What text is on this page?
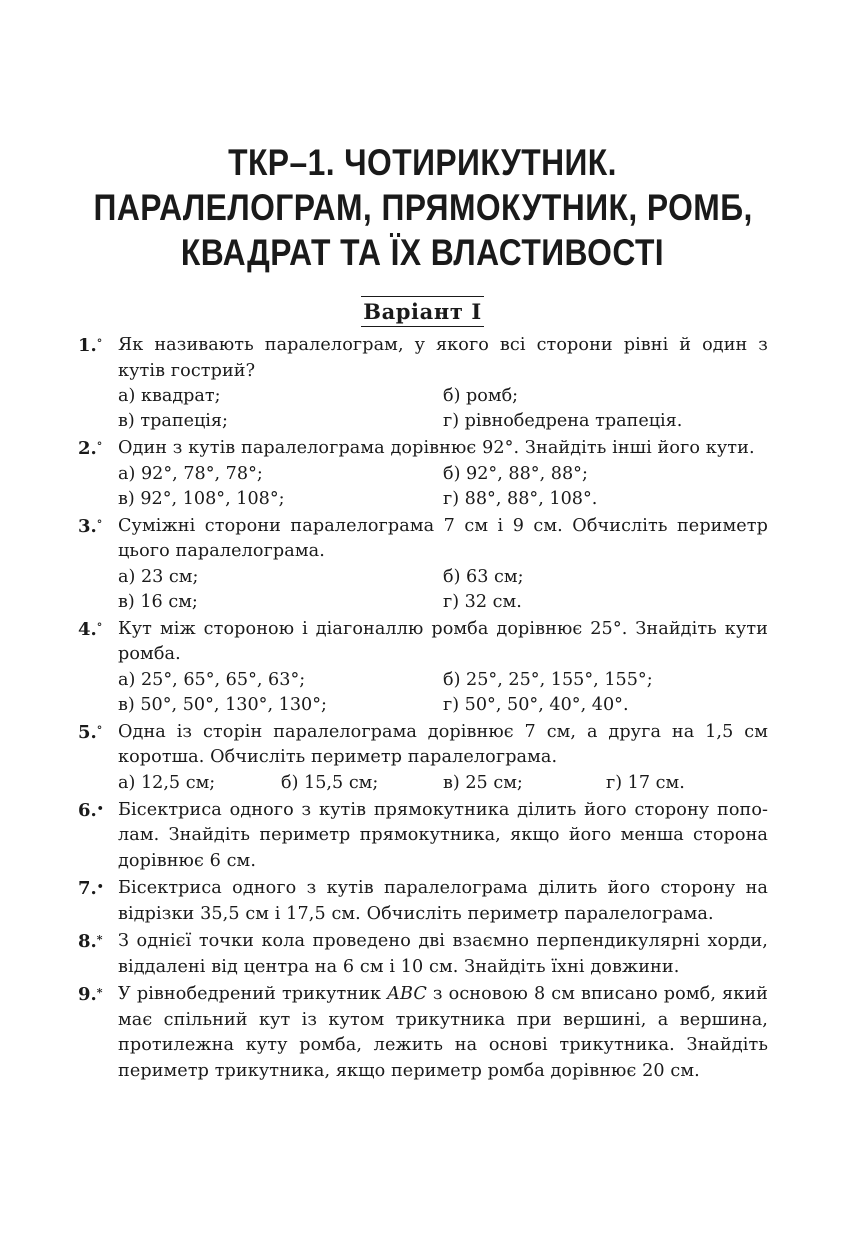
ТКР–1. ЧОТИРИКУТНИК.
ПАРАЛЕЛОГРАМ, ПРЯМОКУТНИК, РОМБ,
КВАДРАТ ТА ЇХ ВЛАСТИВОСТІ
Варіант I
1.° Як називають паралелограм, у якого всі сторони рівні й один з кутів гострий?
а) квадрат;	б) ромб;
в) трапеція;	г) рівнобедрена трапеція.
2.° Один з кутів паралелограма дорівнює 92°. Знайдіть інші його кути.
а) 92°, 78°, 78°;	б) 92°, 88°, 88°;
в) 92°, 108°, 108°;	г) 88°, 88°, 108°.
3.° Суміжні сторони паралелограма 7 см і 9 см. Обчисліть периметр цього паралелограма.
а) 23 см;	б) 63 см;
в) 16 см;	г) 32 см.
4.° Кут між стороною і діагоналлю ромба дорівнює 25°. Знайдіть кути ромба.
а) 25°, 65°, 65°, 63°;	б) 25°, 25°, 155°, 155°;
в) 50°, 50°, 130°, 130°;	г) 50°, 50°, 40°, 40°.
5.° Одна із сторін паралелограма дорівнює 7 см, а друга на 1,5 см коротша. Обчисліть периметр паралелограма.
а) 12,5 см;	б) 15,5 см;	в) 25 см;	г) 17 см.
6.• Бісектриса одного з кутів прямокутника ділить його сторону пополам. Знайдіть периметр прямокутника, якщо його менша сторона дорівнює 6 см.
7.• Бісектриса одного з кутів паралелограма ділить його сторону на відрізки 35,5 см і 17,5 см. Обчисліть периметр паралелограма.
8.* З однієї точки кола проведено дві взаємно перпендикулярні хорди, віддалені від центра на 6 см і 10 см. Знайдіть їхні довжини.
9.* У рівнобедрений трикутник ABC з основою 8 см вписано ромб, який має спільний кут із кутом трикутника при вершині, а вершина, протилежна куту ромба, лежить на основі трикутника. Знайдіть периметр трикутника, якщо периметр ромба дорівнює 20 см.
